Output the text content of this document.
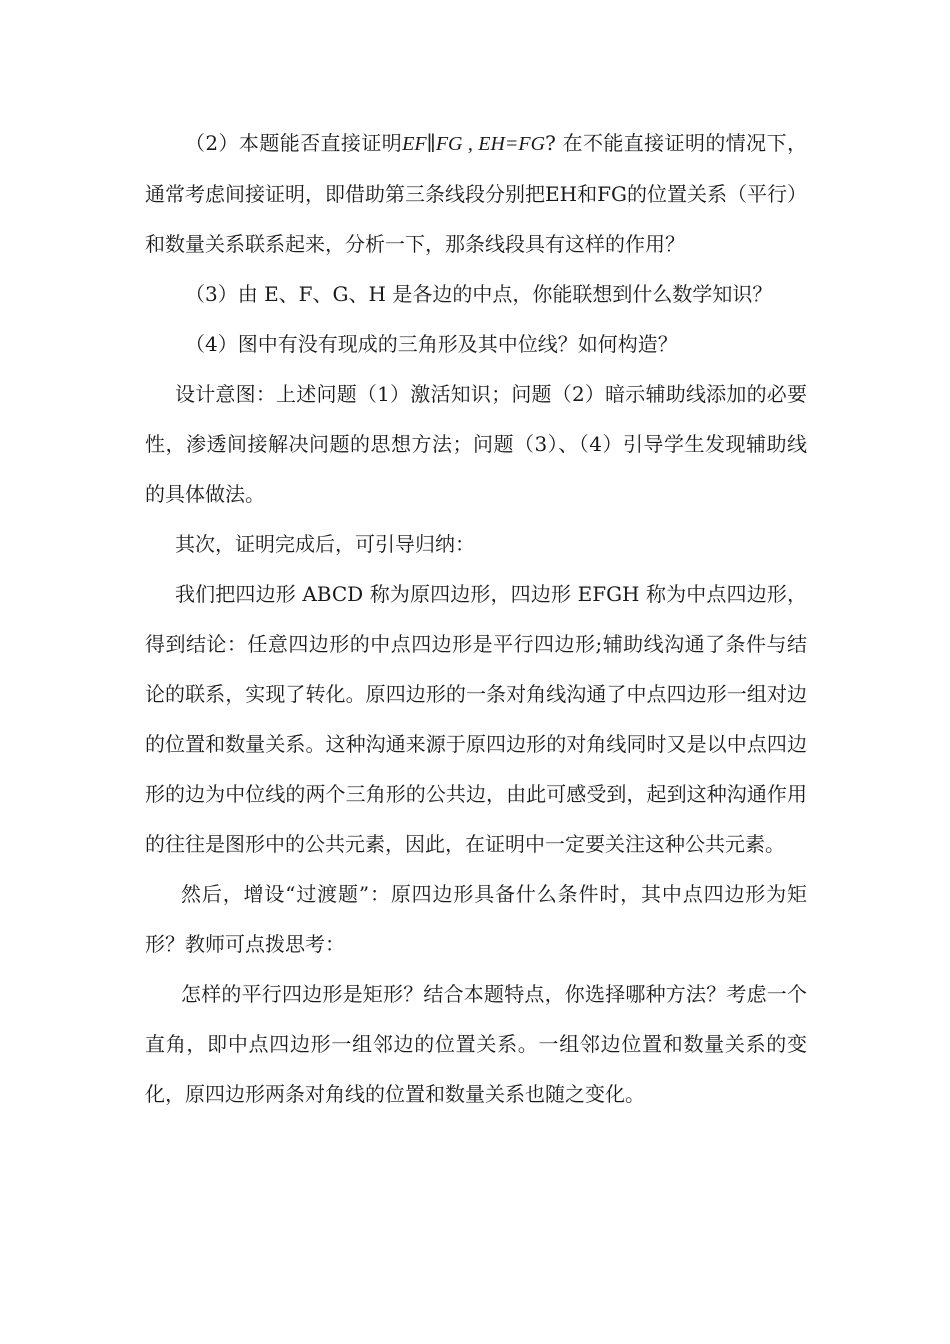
（2）本题能否直接证明EF∥FG , EH=FG? 在不能直接证明的情况下，通常考虑间接证明，即借助第三条线段分别把EH和FG的位置关系（平行）和数量关系联系起来，分析一下，那条线段具有这样的作用？

（3）由 E、F、G、H 是各边的中点，你能联想到什么数学知识？

（4）图中有没有现成的三角形及其中位线？如何构造？

设计意图：上述问题（1）激活知识；问题（2）暗示辅助线添加的必要性，渗透间接解决问题的思想方法；问题（3）、（4）引导学生发现辅助线的具体做法。

其次，证明完成后，可引导归纳：

我们把四边形 ABCD 称为原四边形，四边形 EFGH 称为中点四边形，得到结论：任意四边形的中点四边形是平行四边形;辅助线沟通了条件与结论的联系，实现了转化。原四边形的一条对角线沟通了中点四边形一组对边的位置和数量关系。这种沟通来源于原四边形的对角线同时又是以中点四边形的边为中位线的两个三角形的公共边，由此可感受到，起到这种沟通作用的往往是图形中的公共元素，因此，在证明中一定要关注这种公共元素。

然后，增设“过渡题”：原四边形具备什么条件时，其中点四边形为矩形？教师可点拨思考：

怎样的平行四边形是矩形？结合本题特点，你选择哪种方法？考虑一个直角，即中点四边形一组邻边的位置关系。一组邻边位置和数量关系的变化，原四边形两条对角线的位置和数量关系也随之变化。
